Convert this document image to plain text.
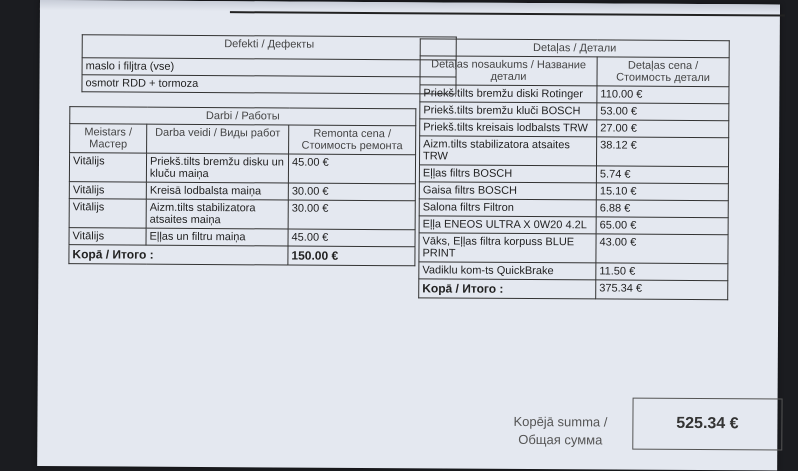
Defekti / Дефекты
maslo i filjtra (vse)
osmotr RDD + tormoza
Darbi / Работы		
Meistars / Мастер	Darba veidi / Виды работ	Remonta cena / Стоимость ремонта
Vitālijs	Priekš.tilts bremžu disku un kluču maiņa	45.00 €
Vitālijs	Kreisā lodbalsta maiņa	30.00 €
Vitālijs	Aizm.tilts stabilizatora atsaites maiņa	30.00 €
Vitālijs	Eļļas un filtru maiņa	45.00 €
Kopā / Итого :		150.00 €
Detaļas / Детали	
Detaļas nosaukums / Название детали	Detaļas cena / Стоимость детали
Priekš.tilts bremžu diski Rotinger	110.00 €
Priekš.tilts bremžu kluči BOSCH	53.00 €
Priekš.tilts kreisais lodbalsts TRW	27.00 €
Aizm.tilts stabilizatora atsaites TRW	38.12 €
Eļļas filtrs BOSCH	5.74 €
Gaisa filtrs BOSCH	15.10 €
Salona filtrs Filtron	6.88 €
Eļļa ENEOS ULTRA X 0W20 4.2L	65.00 €
Vāks, Eļļas filtra korpuss BLUE PRINT	43.00 €
Vadiklu kom-ts QuickBrake	11.50 €
Kopā / Итого :	375.34 €
Kopējā summa /
Общая сумма
525.34 €
